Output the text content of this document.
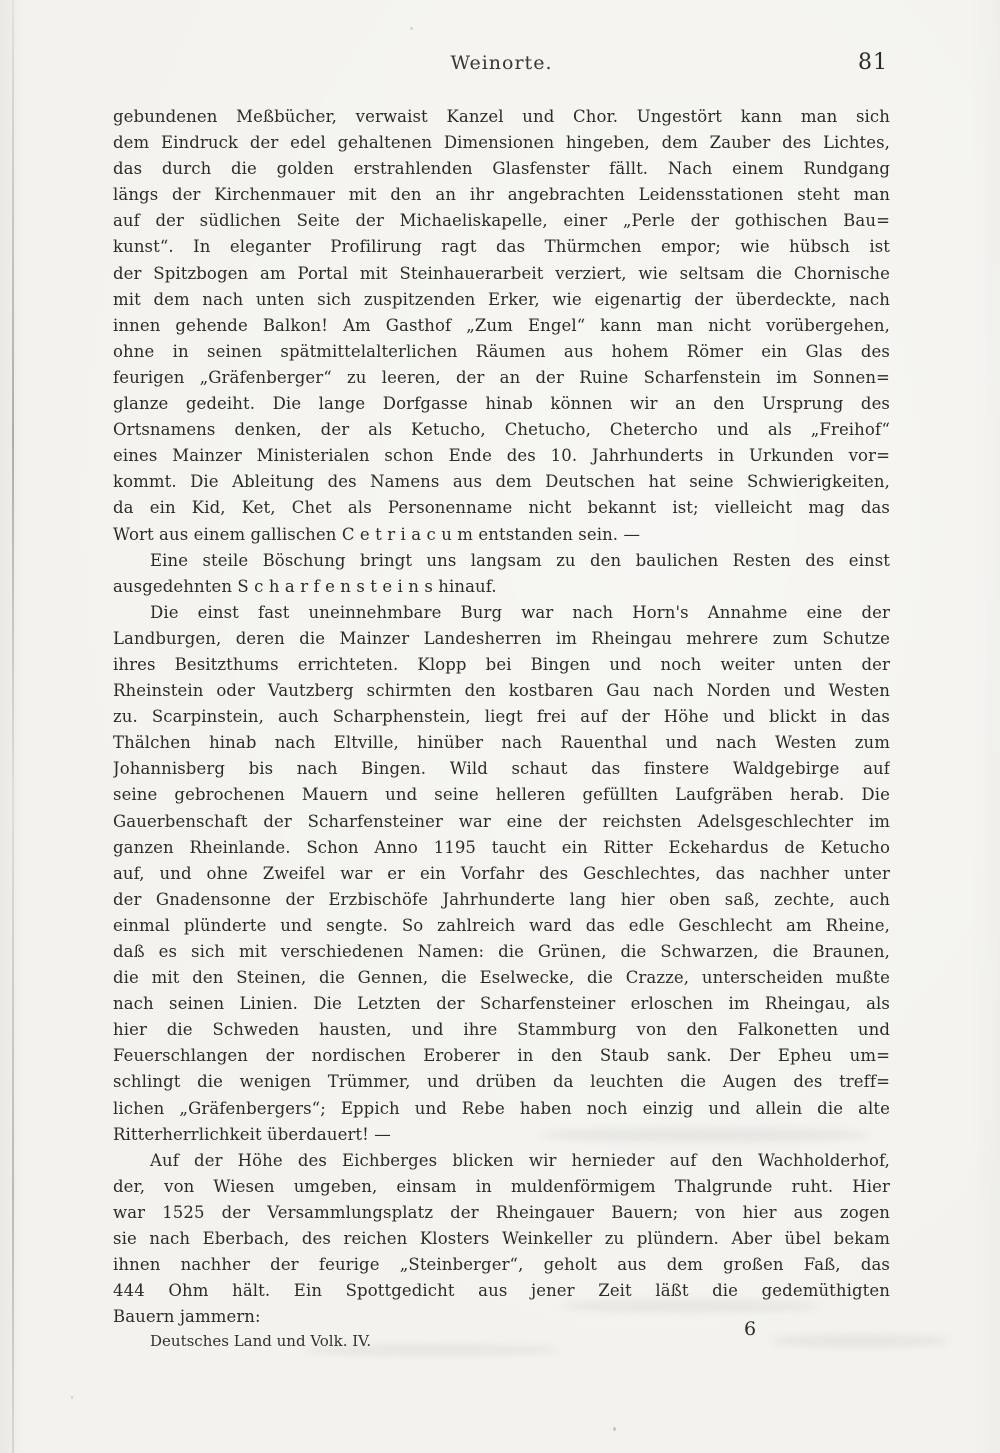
Weinorte.	81
gebundenen Meßbücher, verwaist Kanzel und Chor. Ungestört kann man sich
dem Eindruck der edel gehaltenen Dimensionen hingeben, dem Zauber des Lichtes,
das durch die golden erstrahlenden Glasfenster fällt. Nach einem Rundgang
längs der Kirchenmauer mit den an ihr angebrachten Leidensstationen steht man
auf der südlichen Seite der Michaeliskapelle, einer „Perle der gothischen Bau=
kunst“. In eleganter Profilirung ragt das Thürmchen empor; wie hübsch ist
der Spitzbogen am Portal mit Steinhauerarbeit verziert, wie seltsam die Chornische
mit dem nach unten sich zuspitzenden Erker, wie eigenartig der überdeckte, nach
innen gehende Balkon! Am Gasthof „Zum Engel“ kann man nicht vorübergehen,
ohne in seinen spätmittelalterlichen Räumen aus hohem Römer ein Glas des
feurigen „Gräfenberger“ zu leeren, der an der Ruine Scharfenstein im Sonnen=
glanze gedeiht. Die lange Dorfgasse hinab können wir an den Ursprung des
Ortsnamens denken, der als Ketucho, Chetucho, Chetercho und als „Freihof“
eines Mainzer Ministerialen schon Ende des 10. Jahrhunderts in Urkunden vor=
kommt. Die Ableitung des Namens aus dem Deutschen hat seine Schwierigkeiten,
da ein Kid, Ket, Chet als Personenname nicht bekannt ist; vielleicht mag das
Wort aus einem gallischen C e t r i a c u m entstanden sein. —
Eine steile Böschung bringt uns langsam zu den baulichen Resten des einst
ausgedehnten S c h a r f e n s t e i n s hinauf.
Die einst fast uneinnehmbare Burg war nach Horn's Annahme eine der
Landburgen, deren die Mainzer Landesherren im Rheingau mehrere zum Schutze
ihres Besitzthums errichteten. Klopp bei Bingen und noch weiter unten der
Rheinstein oder Vautzberg schirmten den kostbaren Gau nach Norden und Westen
zu. Scarpinstein, auch Scharphenstein, liegt frei auf der Höhe und blickt in das
Thälchen hinab nach Eltville, hinüber nach Rauenthal und nach Westen zum
Johannisberg bis nach Bingen. Wild schaut das finstere Waldgebirge auf
seine gebrochenen Mauern und seine helleren gefüllten Laufgräben herab. Die
Gauerbenschaft der Scharfensteiner war eine der reichsten Adelsgeschlechter im
ganzen Rheinlande. Schon Anno 1195 taucht ein Ritter Eckehardus de Ketucho
auf, und ohne Zweifel war er ein Vorfahr des Geschlechtes, das nachher unter
der Gnadensonne der Erzbischöfe Jahrhunderte lang hier oben saß, zechte, auch
einmal plünderte und sengte. So zahlreich ward das edle Geschlecht am Rheine,
daß es sich mit verschiedenen Namen: die Grünen, die Schwarzen, die Braunen,
die mit den Steinen, die Gennen, die Eselwecke, die Crazze, unterscheiden mußte
nach seinen Linien. Die Letzten der Scharfensteiner erloschen im Rheingau, als
hier die Schweden hausten, und ihre Stammburg von den Falkonetten und
Feuerschlangen der nordischen Eroberer in den Staub sank. Der Epheu um=
schlingt die wenigen Trümmer, und drüben da leuchten die Augen des treff=
lichen „Gräfenbergers“; Eppich und Rebe haben noch einzig und allein die alte
Ritterherrlichkeit überdauert! —
Auf der Höhe des Eichberges blicken wir hernieder auf den Wachholderhof,
der, von Wiesen umgeben, einsam in muldenförmigem Thalgrunde ruht. Hier
war 1525 der Versammlungsplatz der Rheingauer Bauern; von hier aus zogen
sie nach Eberbach, des reichen Klosters Weinkeller zu plündern. Aber übel bekam
ihnen nachher der feurige „Steinberger“, geholt aus dem großen Faß, das
444 Ohm hält. Ein Spottgedicht aus jener Zeit läßt die gedemüthigten
Bauern jammern:
Deutsches Land und Volk. IV.
6
